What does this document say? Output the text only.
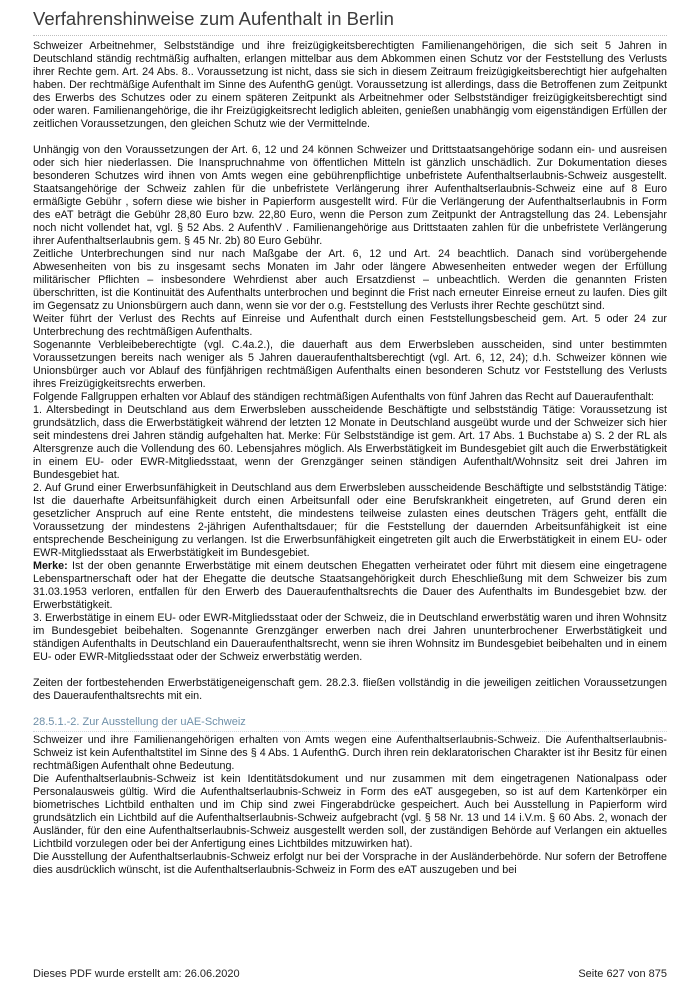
Verfahrenshinweise zum Aufenthalt in Berlin

Schweizer Arbeitnehmer, Selbstständige und ihre freizügigkeitsberechtigten Familienangehörigen, die sich seit 5 Jahren in Deutschland ständig rechtmäßig aufhalten, erlangen mittelbar aus dem Abkommen einen Schutz vor der Feststellung des Verlusts ihrer Rechte gem. Art. 24 Abs. 8.. Voraussetzung ist nicht, dass sie sich in diesem Zeitraum freizügigkeitsberechtigt hier aufgehalten haben. Der rechtmäßige Aufenthalt im Sinne des AufenthG genügt. Voraussetzung ist allerdings, dass die Betroffenen zum Zeitpunkt des Erwerbs des Schutzes oder zu einem späteren Zeitpunkt als Arbeitnehmer oder Selbstständiger freizügigkeitsberechtigt sind oder waren. Familienangehörige, die ihr Freizügigkeitsrecht lediglich ableiten, genießen unabhängig vom eigenständigen Erfüllen der zeitlichen Voraussetzungen, den gleichen Schutz wie der Vermittelnde.

Unhängig von den Voraussetzungen der Art. 6, 12 und 24 können Schweizer und Drittstaatsangehörige sodann ein- und ausreisen oder sich hier niederlassen. Die Inanspruchnahme von öffentlichen Mitteln ist gänzlich unschädlich. Zur Dokumentation dieses besonderen Schutzes wird ihnen von Amts wegen eine gebührenpflichtige unbefristete Aufenthaltserlaubnis-Schweiz ausgestellt. Staatsangehörige der Schweiz zahlen für die unbefristete Verlängerung ihrer Aufenthaltserlaubnis-Schweiz eine auf 8 Euro ermäßigte Gebühr , sofern diese wie bisher in Papierform ausgestellt wird. Für die Verlängerung der Aufenthaltserlaubnis in Form des eAT beträgt die Gebühr 28,80 Euro bzw. 22,80 Euro, wenn die Person zum Zeitpunkt der Antragstellung das 24. Lebensjahr noch nicht vollendet hat, vgl. § 52 Abs. 2 AufenthV . Familienangehörige aus Drittstaaten zahlen für die unbefristete Verlängerung ihrer Aufenthaltserlaubnis gem. § 45 Nr. 2b) 80 Euro Gebühr.

Zeitliche Unterbrechungen sind nur nach Maßgabe der Art. 6, 12 und Art. 24 beachtlich. Danach sind vorübergehende Abwesenheiten von bis zu insgesamt sechs Monaten im Jahr oder längere Abwesenheiten entweder wegen der Erfüllung militärischer Pflichten – insbesondere Wehrdienst aber auch Ersatzdienst – unbeachtlich. Werden die genannten Fristen überschritten, ist die Kontinuität des Aufenthalts unterbrochen und beginnt die Frist nach erneuter Einreise erneut zu laufen. Dies gilt im Gegensatz zu Unionsbürgern auch dann, wenn sie vor der o.g. Feststellung des Verlusts ihrer Rechte geschützt sind.

Weiter führt der Verlust des Rechts auf Einreise und Aufenthalt durch einen Feststellungsbescheid gem. Art. 5 oder 24 zur Unterbrechung des rechtmäßigen Aufenthalts.

Sogenannte Verbleibeberechtigte (vgl. C.4a.2.), die dauerhaft aus dem Erwerbsleben ausscheiden, sind unter bestimmten Voraussetzungen bereits nach weniger als 5 Jahren daueraufenthaltsberechtigt (vgl. Art. 6, 12, 24); d.h. Schweizer können wie Unionsbürger auch vor Ablauf des fünfjährigen rechtmäßigen Aufenthalts einen besonderen Schutz vor Feststellung des Verlusts ihres Freizügigkeitsrechts erwerben.

Folgende Fallgruppen erhalten vor Ablauf des ständigen rechtmäßigen Aufenthalts von fünf Jahren das Recht auf Daueraufenthalt:

1. Altersbedingt in Deutschland aus dem Erwerbsleben ausscheidende Beschäftigte und selbstständig Tätige: Voraussetzung ist grundsätzlich, dass die Erwerbstätigkeit während der letzten 12 Monate in Deutschland ausgeübt wurde und der Schweizer sich hier seit mindestens drei Jahren ständig aufgehalten hat. Merke: Für Selbstständige ist gem. Art. 17 Abs. 1 Buchstabe a) S. 2 der RL als Altersgrenze auch die Vollendung des 60. Lebensjahres möglich. Als Erwerbstätigkeit im Bundesgebiet gilt auch die Erwerbstätigkeit in einem EU- oder EWR-Mitgliedsstaat, wenn der Grenzgänger seinen ständigen Aufenthalt/Wohnsitz seit drei Jahren im Bundesgebiet hat.

2. Auf Grund einer Erwerbsunfähigkeit in Deutschland aus dem Erwerbsleben ausscheidende Beschäftigte und selbstständig Tätige: Ist die dauerhafte Arbeitsunfähigkeit durch einen Arbeitsunfall oder eine Berufskrankheit eingetreten, auf Grund deren ein gesetzlicher Anspruch auf eine Rente entsteht, die mindestens teilweise zulasten eines deutschen Trägers geht, entfällt die Voraussetzung der mindestens 2-jährigen Aufenthaltsdauer; für die Feststellung der dauernden Arbeitsunfähigkeit ist eine entsprechende Bescheinigung zu verlangen. Ist die Erwerbsunfähigkeit eingetreten gilt auch die Erwerbstätigkeit in einem EU- oder EWR-Mitgliedsstaat als Erwerbstätigkeit im Bundesgebiet.

Merke: Ist der oben genannte Erwerbstätige mit einem deutschen Ehegatten verheiratet oder führt mit diesem eine eingetragene Lebenspartnerschaft oder hat der Ehegatte die deutsche Staatsangehörigkeit durch Eheschließung mit dem Schweizer bis zum 31.03.1953 verloren, entfallen für den Erwerb des Daueraufenthaltsrechts die Dauer des Aufenthalts im Bundesgebiet bzw. der Erwerbstätigkeit.

3. Erwerbstätige in einem EU- oder EWR-Mitgliedsstaat oder der Schweiz, die in Deutschland erwerbstätig waren und ihren Wohnsitz im Bundesgebiet beibehalten. Sogenannte Grenzgänger erwerben nach drei Jahren ununterbrochener Erwerbstätigkeit und ständigen Aufenthalts in Deutschland ein Daueraufenthaltsrecht, wenn sie ihren Wohnsitz im Bundesgebiet beibehalten und in einem EU- oder EWR-Mitgliedsstaat oder der Schweiz erwerbstätig werden.

Zeiten der fortbestehenden Erwerbstätigeneigenschaft gem. 28.2.3. fließen vollständig in die jeweiligen zeitlichen Voraussetzungen des Daueraufenthaltsrechts mit ein.

28.5.1.-2. Zur Ausstellung der uAE-Schweiz

Schweizer und ihre Familienangehörigen erhalten von Amts wegen eine Aufenthaltserlaubnis-Schweiz. Die Aufenthaltserlaubnis-Schweiz ist kein Aufenthaltstitel im Sinne des § 4 Abs. 1 AufenthG. Durch ihren rein deklaratorischen Charakter ist ihr Besitz für einen rechtmäßigen Aufenthalt ohne Bedeutung.

Die Aufenthaltserlaubnis-Schweiz ist kein Identitätsdokument und nur zusammen mit dem eingetragenen Nationalpass oder Personalausweis gültig. Wird die Aufenthaltserlaubnis-Schweiz in Form des eAT ausgegeben, so ist auf dem Kartenkörper ein biometrisches Lichtbild enthalten und im Chip sind zwei Fingerabdrücke gespeichert. Auch bei Ausstellung in Papierform wird grundsätzlich ein Lichtbild auf die Aufenthaltserlaubnis-Schweiz aufgebracht (vgl. § 58 Nr. 13 und 14 i.V.m. § 60 Abs. 2, wonach der Ausländer, für den eine Aufenthaltserlaubnis-Schweiz ausgestellt werden soll, der zuständigen Behörde auf Verlangen ein aktuelles Lichtbild vorzulegen oder bei der Anfertigung eines Lichtbildes mitzuwirken hat).

Die Ausstellung der Aufenthaltserlaubnis-Schweiz erfolgt nur bei der Vorsprache in der Ausländerbehörde. Nur sofern der Betroffene dies ausdrücklich wünscht, ist die Aufenthaltserlaubnis-Schweiz in Form des eAT auszugeben und bei

Dieses PDF wurde erstellt am: 26.06.2020	Seite 627 von 875
